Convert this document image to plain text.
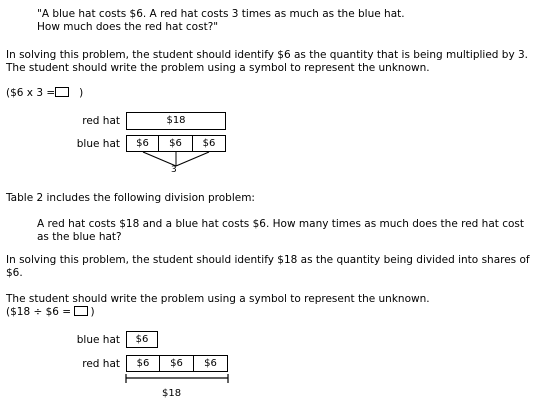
"A blue hat costs $6. A red hat costs 3 times as much as the blue hat.
How much does the red hat cost?"
In solving this problem, the student should identify $6 as the quantity that is being multiplied by 3.
The student should write the problem using a symbol to represent the unknown.
($6 x 3 = )
red hat	$18
blue hat $6 $6 $6
3
Table 2 includes the following division problem:
A red hat costs $18 and a blue hat costs $6. How many times as much does the red hat cost
as the blue hat?
In solving this problem, the student should identify $18 as the quantity being divided into shares of
$6.
The student should write the problem using a symbol to represent the unknown.
($18 ÷ $6 = )
blue hat $6
red hat $6 $6 $6
$18
